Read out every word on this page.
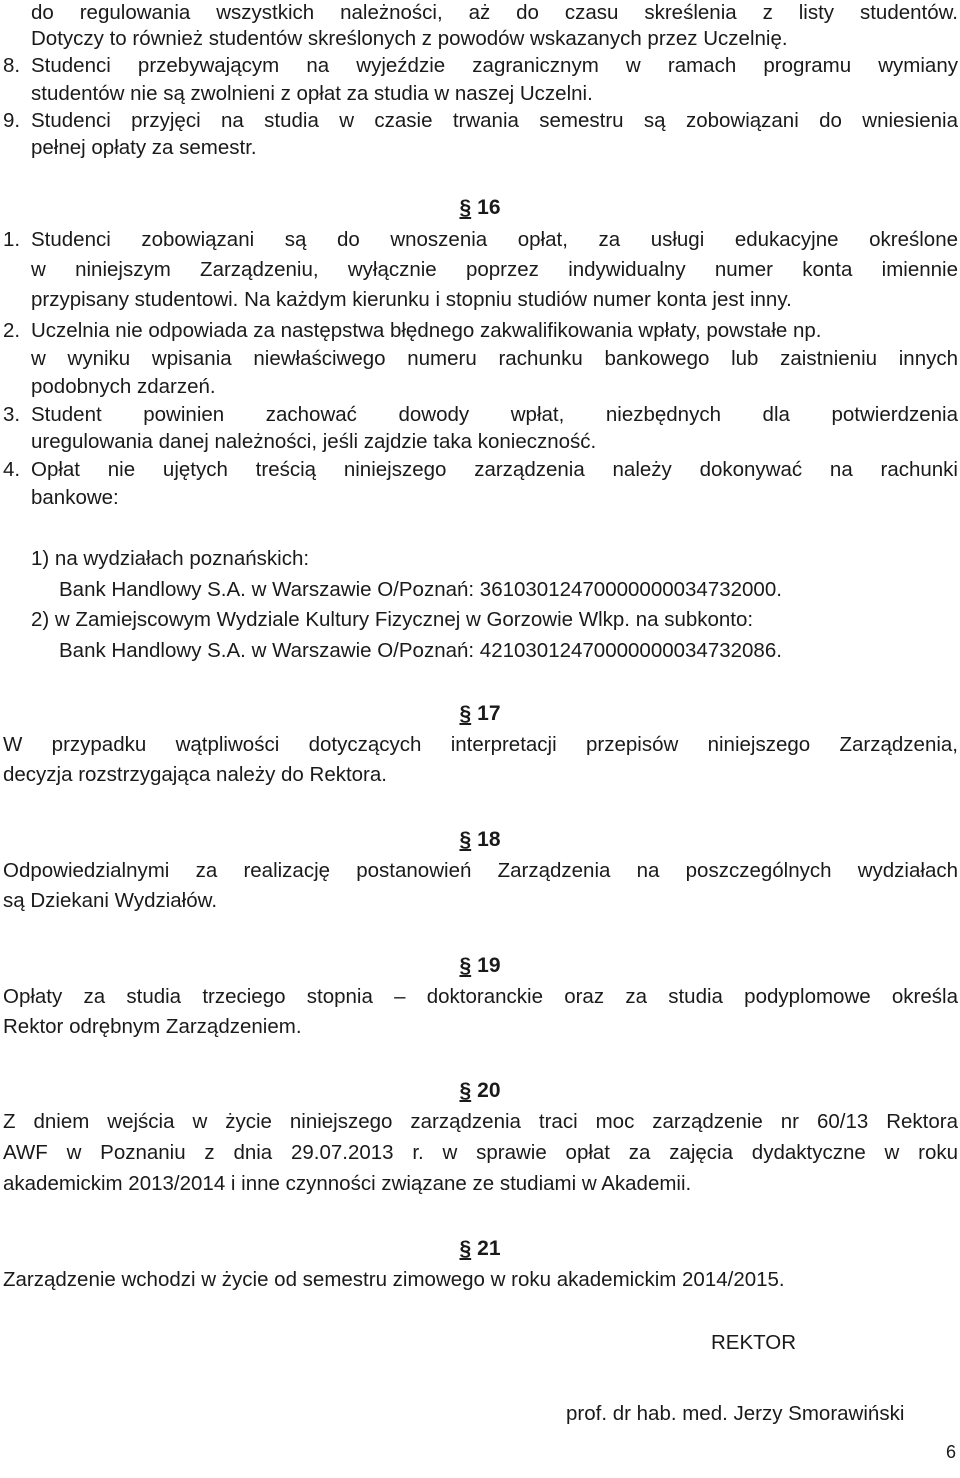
do regulowania wszystkich należności, aż do czasu skreślenia z listy studentów.
Dotyczy to również studentów skreślonych z powodów wskazanych przez Uczelnię.
8. Studenci przebywającym na wyjeździe zagranicznym w ramach programu wymiany
studentów nie są zwolnieni z opłat za studia w naszej Uczelni.
9. Studenci przyjęci na studia w czasie trwania semestru są zobowiązani do wniesienia
pełnej opłaty za semestr.
§ 16
1. Studenci zobowiązani są do wnoszenia opłat, za usługi edukacyjne określone
w niniejszym Zarządzeniu, wyłącznie poprzez indywidualny numer konta imiennie
przypisany studentowi. Na każdym kierunku i stopniu studiów numer konta jest inny.
2. Uczelnia nie odpowiada za następstwa błędnego zakwalifikowania wpłaty, powstałe np.
w wyniku wpisania niewłaściwego numeru rachunku bankowego lub zaistnieniu innych
podobnych zdarzeń.
3. Student powinien zachować dowody wpłat, niezbędnych dla potwierdzenia
uregulowania danej należności, jeśli zajdzie taka konieczność.
4. Opłat nie ujętych treścią niniejszego zarządzenia należy dokonywać na rachunki
bankowe:
1) na wydziałach poznańskich:
Bank Handlowy S.A. w Warszawie O/Poznań: 36103012470000000034732000.
2) w Zamiejscowym Wydziale Kultury Fizycznej w Gorzowie Wlkp. na subkonto:
Bank Handlowy S.A. w Warszawie O/Poznań: 42103012470000000034732086.
§ 17
W przypadku wątpliwości dotyczących interpretacji przepisów niniejszego Zarządzenia,
decyzja rozstrzygająca należy do Rektora.
§ 18
Odpowiedzialnymi za realizację postanowień Zarządzenia na poszczególnych wydziałach
są Dziekani Wydziałów.
§ 19
Opłaty za studia trzeciego stopnia – doktoranckie oraz za studia podyplomowe określa
Rektor odrębnym Zarządzeniem.
§ 20
Z dniem wejścia w życie niniejszego zarządzenia traci moc zarządzenie nr 60/13 Rektora
AWF w Poznaniu z dnia 29.07.2013 r. w sprawie opłat za zajęcia dydaktyczne w roku
akademickim 2013/2014 i inne czynności związane ze studiami w Akademii.
§ 21
Zarządzenie wchodzi w życie od semestru zimowego w roku akademickim 2014/2015.
REKTOR
prof. dr hab. med. Jerzy Smorawiński
6
